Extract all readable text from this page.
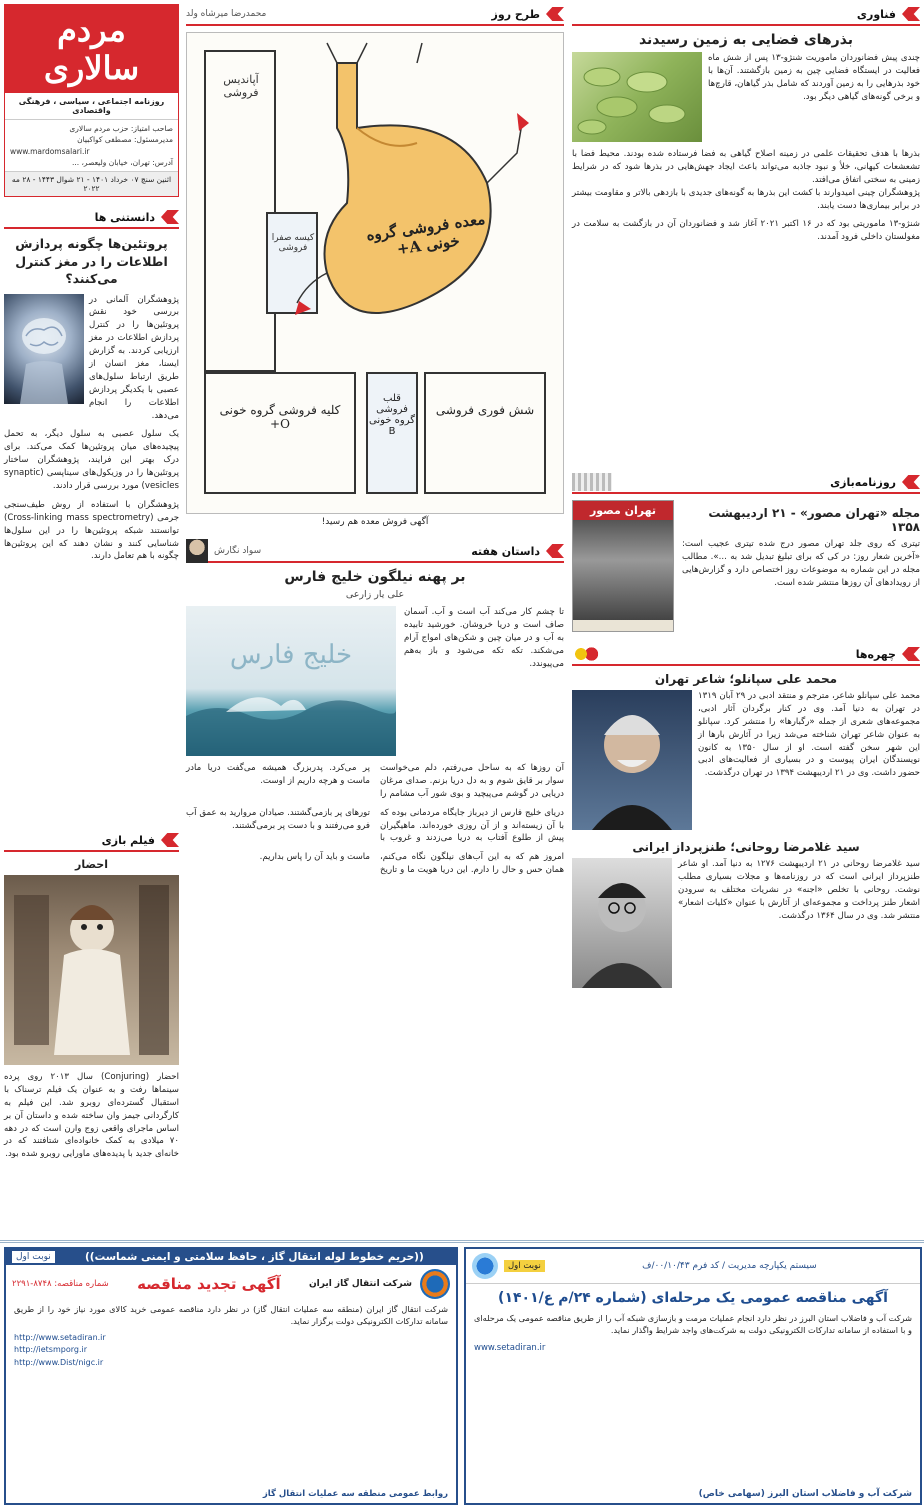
مردم سالاری
روزنامه اجتماعی ، سیاسی ، فرهنگی واقتصادی
صاحب امتیاز: حزب مردم سالاری
مدیرمسئول: مصطفی کواکبیان
www.mardomsalari.ir
آدرس: تهران، خیابان ولیعصر، ...
اثنین سنچ ۰۷ خرداد ۱۴۰۱ - ۲۱ شوال ۱۴۴۳ - ۲۸ مه ۲۰۲۲
دانستنی ها
پروتئین‌ها چگونه پردازش اطلاعات را در مغز کنترل می‌کنند؟
پژوهشگران آلمانی در بررسی خود نقش پروتئین‌ها را در کنترل پردازش اطلاعات در مغز ارزیابی کردند. به گزارش ایسنا، مغز انسان از طریق ارتباط سلول‌های عصبی با یکدیگر پردازش اطلاعات را انجام می‌دهد.
یک سلول عصبی به سلول دیگر، به تحمل پیچیده‌های میان پروتئین‌ها کمک می‌کند. برای درک بهتر این فرایند، پژوهشگران ساختار پروتئین‌ها را در وزیکول‌های سیناپسی (synaptic vesicles) مورد بررسی قرار دادند.
پژوهشگران با استفاده از روش طیف‌سنجی جرمی (Cross-linking mass spectrometry) توانستند شبکه پروتئین‌ها را در این سلول‌ها شناسایی کنند و نشان دهند که این پروتئین‌ها چگونه با هم تعامل دارند.
فیلم بازی
احضار
احضار (Conjuring) سال ۲۰۱۳ روی پرده سینماها رفت و به عنوان یک فیلم ترسناک با استقبال گسترده‌ای روبرو شد. این فیلم به کارگردانی جیمز وان ساخته شده و داستان آن بر اساس ماجرای واقعی زوج وارن است که در دهه ۷۰ میلادی به کمک خانواده‌ای شتافتند که در خانه‌ای جدید با پدیده‌های ماورایی روبرو شده بود.
طرح روز
محمدرضا میرشاه ولد
آپاندیس فروشی
معده فروشی گروه خونی A+
کیسه صفرا فروشی
کلیه فروشی گروه خونی O+
قلب فروشی گروه خونی B
شش فوری فروشی
آگهی فروش معده هم رسید!
داستان هفته
سواد نگارش
بر پهنه نیلگون خلیج فارس
علی یار زارعی
تا چشم کار می‌کند آب است و آب. آسمان صاف است و دریا خروشان. خورشید تابیده به آب و در میان چین و شکن‌های امواج آرام می‌شکند. تکه تکه می‌شود و باز به‌هم می‌پیوندد.
خلیج فارس
آن روزها که به ساحل می‌رفتم، دلم می‌خواست سوار بر قایق شوم و به دل دریا بزنم. صدای مرغان دریایی در گوشم می‌پیچید و بوی شور آب مشامم را پر می‌کرد. پدربزرگ همیشه می‌گفت دریا مادر ماست و هرچه داریم از اوست.
دریای خلیج فارس از دیرباز جایگاه مردمانی بوده که با آن زیسته‌اند و از آن روزی خورده‌اند. ماهیگیران پیش از طلوع آفتاب به دریا می‌زدند و غروب با تورهای پر بازمی‌گشتند. صیادان مروارید به عمق آب فرو می‌رفتند و با دست پر برمی‌گشتند.
امروز هم که به این آب‌های نیلگون نگاه می‌کنم، همان حس و حال را دارم. این دریا هویت ما و تاریخ ماست و باید آن را پاس بداریم.
فناوری
بذرهای فضایی به زمین رسیدند
چندی پیش فضانوردان ماموریت شنژو-۱۳ پس از شش ماه فعالیت در ایستگاه فضایی چین به زمین بازگشتند. آن‌ها با خود بذرهایی را به زمین آوردند که شامل بذر گیاهان، قارچ‌ها و برخی گونه‌های گیاهی دیگر بود.
بذرها با هدف تحقیقات علمی در زمینه اصلاح گیاهی به فضا فرستاده شده بودند. محیط فضا با تشعشعات کیهانی، خلأ و نبود جاذبه می‌تواند باعث ایجاد جهش‌هایی در بذرها شود که در شرایط زمینی به سختی اتفاق می‌افتد.
پژوهشگران چینی امیدوارند با کشت این بذرها به گونه‌های جدیدی با بازدهی بالاتر و مقاومت بیشتر در برابر بیماری‌ها دست یابند.
شنژو-۱۳ ماموریتی بود که در ۱۶ اکتبر ۲۰۲۱ آغاز شد و فضانوردان آن در بازگشت به سلامت در مغولستان داخلی فرود آمدند.
روزنامه‌بازی
مجله «تهران مصور» - ۲۱ اردیبهشت ۱۳۵۸
تیتری که روی جلد تهران مصور درج شده تیتری عجیب است: «آخرین شعار روز: در کی که برای تبلیغ تبدیل شد به ...». مطالب مجله در این شماره به موضوعات روز اختصاص دارد و گزارش‌هایی از رویدادهای آن روزها منتشر شده است.
تهران مصور
چهره‌ها
محمد علی سپانلو؛ شاعر تهران
محمد علی سپانلو شاعر، مترجم و منتقد ادبی در ۲۹ آبان ۱۳۱۹ در تهران به دنیا آمد. وی در کنار برگردان آثار ادبی، مجموعه‌های شعری از جمله «رگبارها» را منتشر کرد. سپانلو به عنوان شاعر تهران شناخته می‌شد زیرا در آثارش بارها از این شهر سخن گفته است. او از سال ۱۳۵۰ به کانون نویسندگان ایران پیوست و در بسیاری از فعالیت‌های ادبی حضور داشت. وی در ۲۱ اردیبهشت ۱۳۹۴ در تهران درگذشت.
سید غلامرضا روحانی؛ طنزپرداز ایرانی
سید غلامرضا روحانی در ۲۱ اردیبهشت ۱۲۷۶ به دنیا آمد. او شاعر طنزپرداز ایرانی است که در روزنامه‌ها و مجلات بسیاری مطلب نوشت. روحانی با تخلص «اجنه» در نشریات مختلف به سرودن اشعار طنز پرداخت و مجموعه‌ای از آثارش با عنوان «کلیات اشعار» منتشر شد. وی در سال ۱۳۶۴ درگذشت.
((حریم خطوط لوله انتقال گاز ، حافظ سلامتی و ایمنی شماست))
نوبت اول
شرکت انتقال گاز ایران
آگهی تجدید مناقصه
شماره مناقصه: ۸۷۴۸-۲۲۹۱
شرکت انتقال گاز ایران (منطقه سه عملیات انتقال گاز) در نظر دارد مناقصه عمومی خرید کالای مورد نیاز خود را از طریق سامانه تدارکات الکترونیکی دولت برگزار نماید.
http://www.setadiran.ir
http://ietsmporg.ir
http://www.Dist/nigc.ir
روابط عمومی منطقه سه عملیات انتقال گاز
سیستم یکپارچه مدیریت / کد فرم ۰۰/۱۰/۴۳/ف
نوبت اول
آگهی مناقصه عمومی یک مرحله‌ای (شماره ۲۴/م ع/۱۴۰۱)
شرکت آب و فاضلاب استان البرز در نظر دارد انجام عملیات مرمت و بازسازی شبکه آب را از طریق مناقصه عمومی یک مرحله‌ای و با استفاده از سامانه تدارکات الکترونیکی دولت به شرکت‌های واجد شرایط واگذار نماید.
www.setadiran.ir
شرکت آب و فاضلاب استان البرز (سهامی خاص)
